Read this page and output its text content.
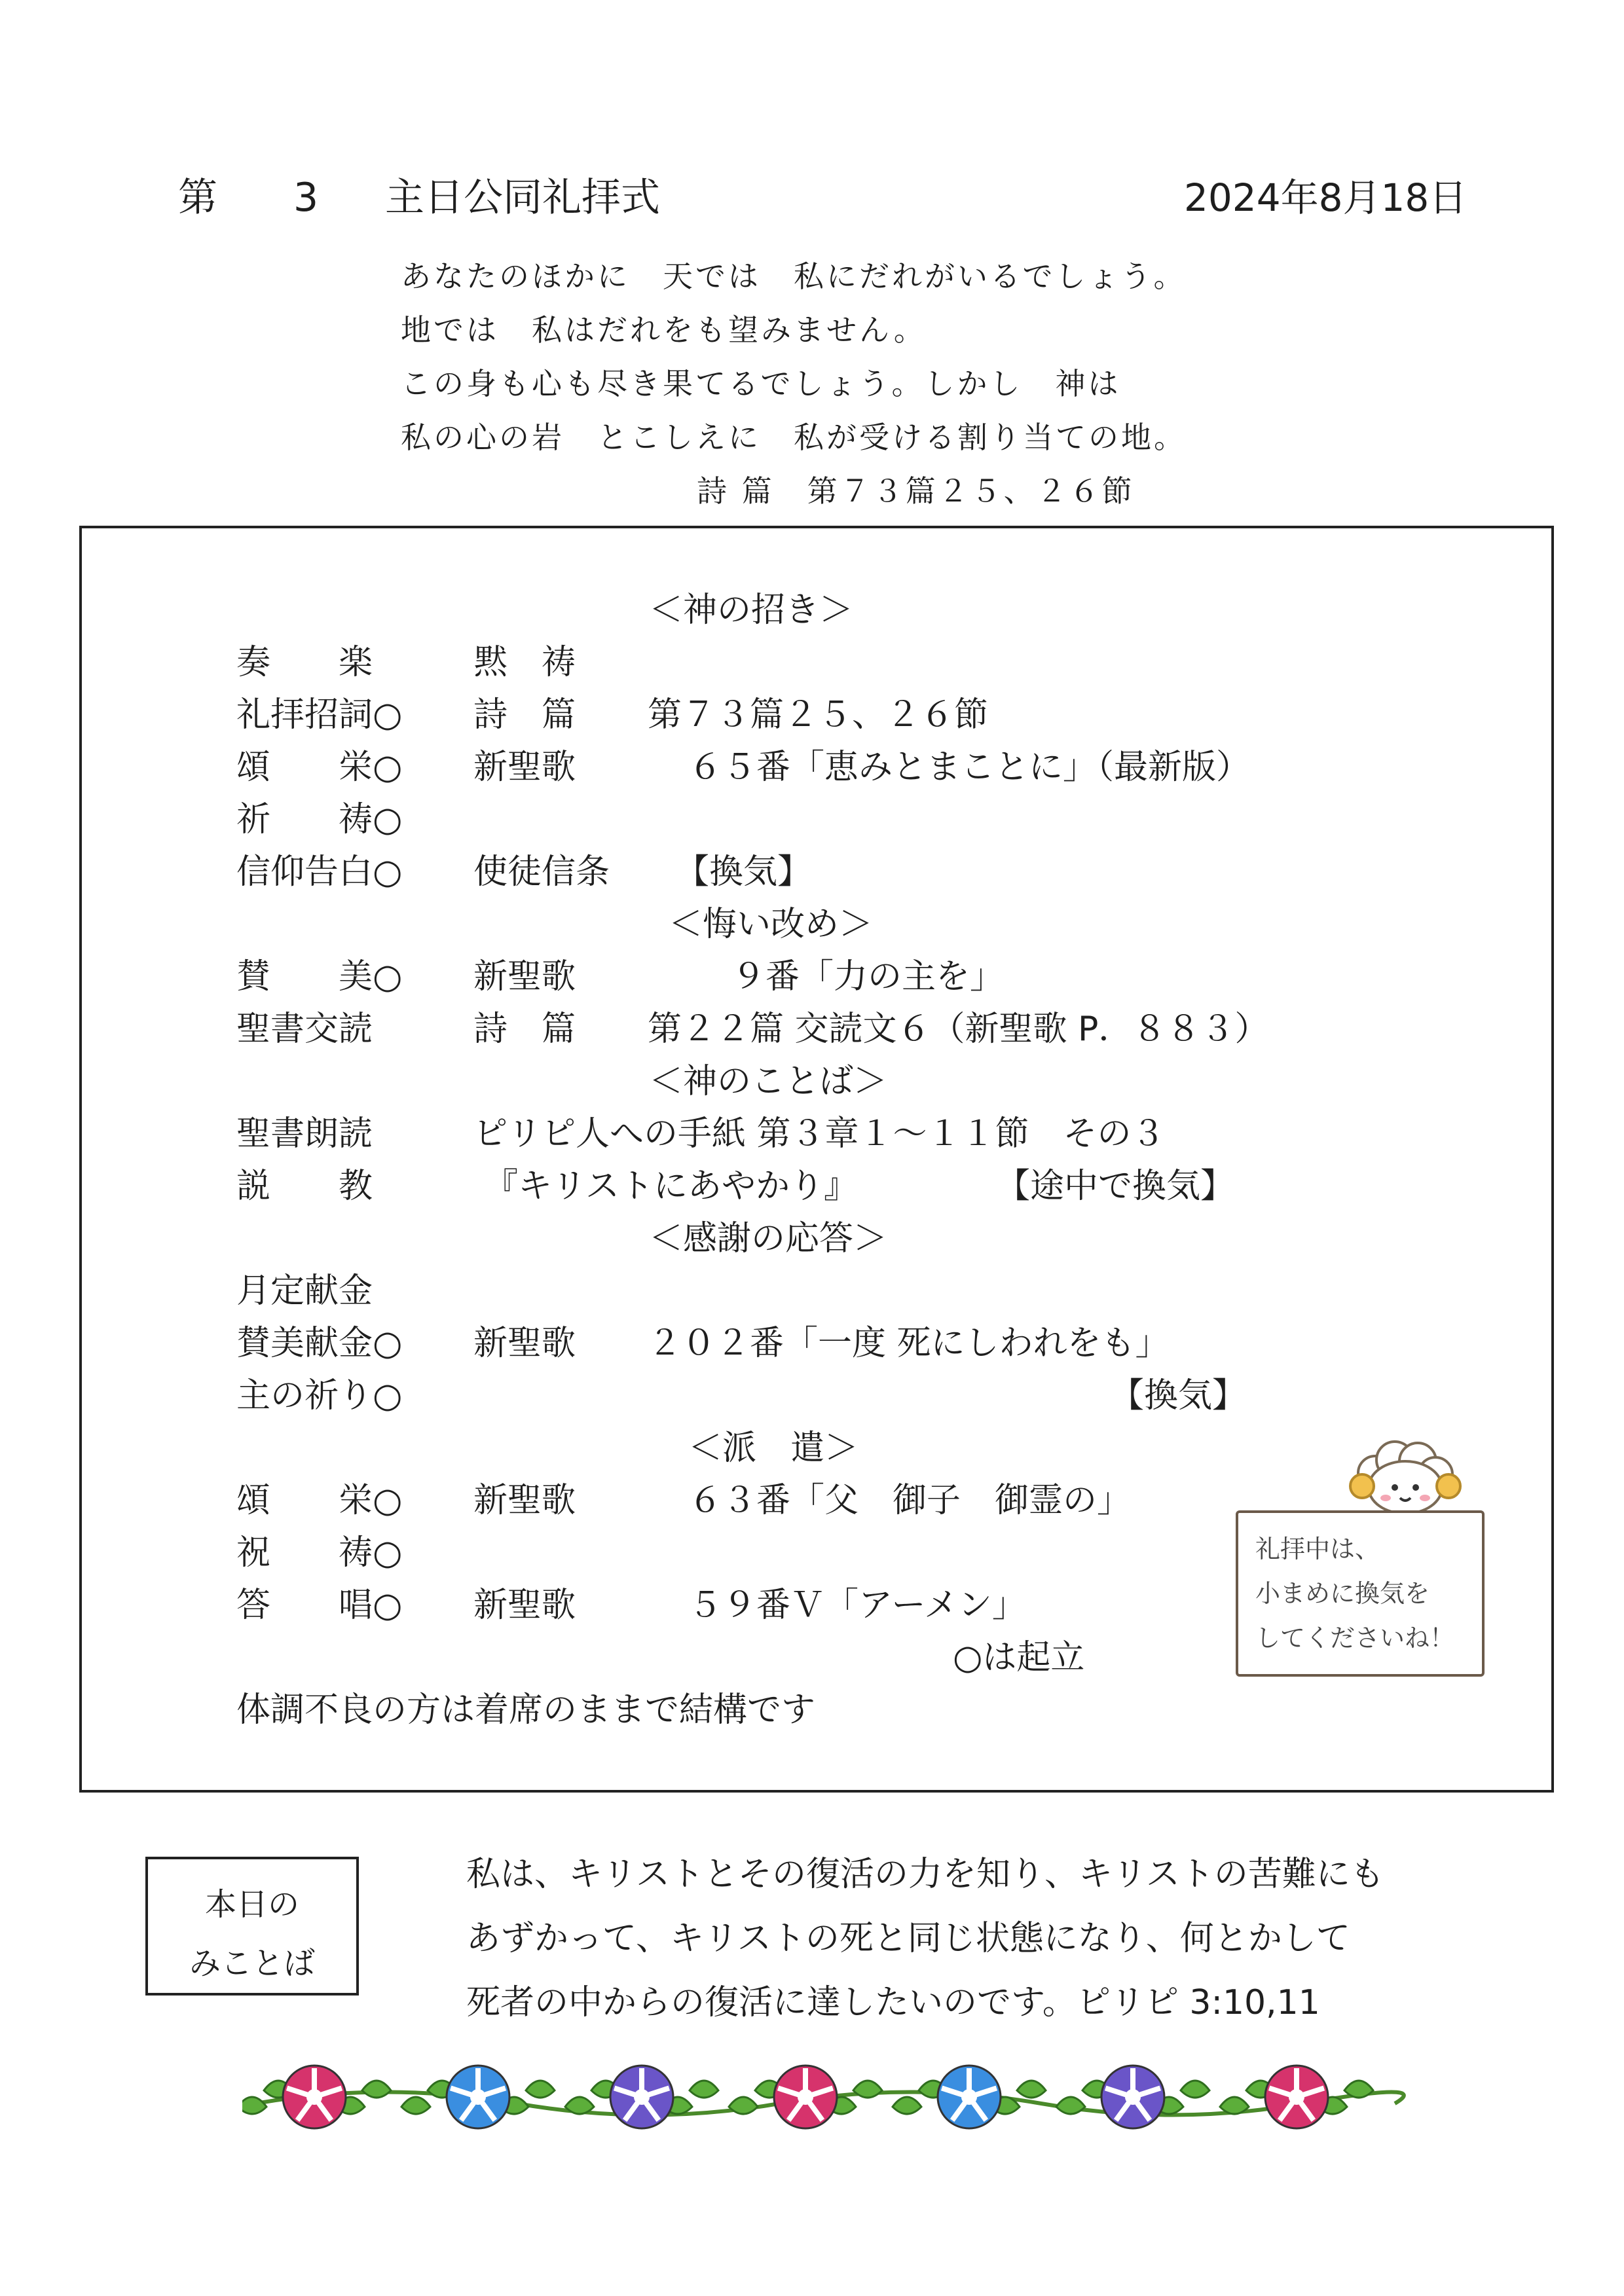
第 3 主日公同礼拝式	2024年8月18日
あなたのほかに　天では　私にだれがいるでしょう。
地では　私はだれをも望みません。
この身も心も尽き果てるでしょう。しかし　神は
私の心の岩　とこしえに　私が受ける割り当ての地。
詩 篇　第７３篇２５、２６節
＜神の招き＞
奏　　楽	黙　祷
礼拝招詞○ 詩　篇 第７３篇２５、２６節
頌　　栄○ 新聖歌	６５番「恵みとまことに」（最新版）
祈　　祷○
信仰告白○ 使徒信条 【換気】
＜悔い改め＞
賛　　美○ 新聖歌	９番「力の主を」
聖書交読	詩　篇 第２２篇 交読文６（新聖歌 P．８８３）
＜神のことば＞
聖書朗読	ピリピ人への手紙 第３章１～１１節　その３
説　　教	『キリストにあやかり』	【途中で換気】
＜感謝の応答＞
月定献金
賛美献金○ 新聖歌 ２０２番「一度 死にしわれをも」
主の祈り○	【換気】
＜派　遣＞
頌　　栄○ 新聖歌	６３番「父　御子　御霊の」
祝　　祷○
答　　唱○ 新聖歌	５９番Ｖ「アーメン」
○は起立
体調不良の方は着席のままで結構です
礼拝中は、
小まめに換気を
してくださいね！
本日の
みことば
私は、キリストとその復活の力を知り、キリストの苦難にも
あずかって、キリストの死と同じ状態になり、何とかして
死者の中からの復活に達したいのです。ピリピ 3:10,11
